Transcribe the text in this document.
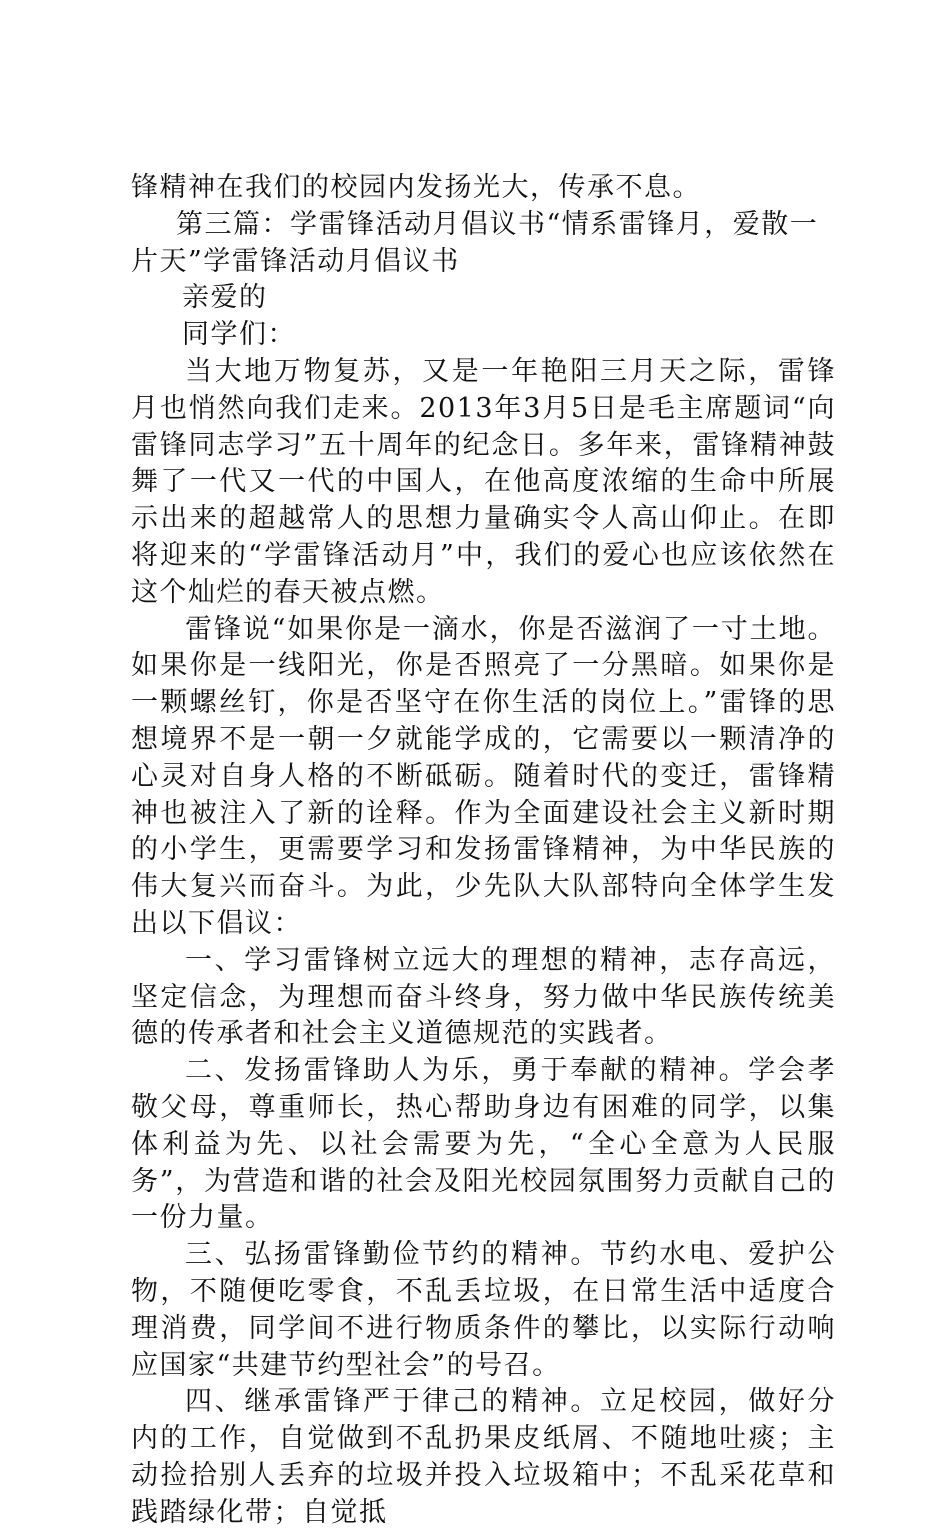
锋精神在我们的校园内发扬光大，传承不息。

第三篇：学雷锋活动月倡议书“情系雷锋月，爱散一片天”学雷锋活动月倡议书

亲爱的

同学们：

当大地万物复苏，又是一年艳阳三月天之际，雷锋月也悄然向我们走来。2013年3月5日是毛主席题词“向雷锋同志学习”五十周年的纪念日。多年来，雷锋精神鼓舞了一代又一代的中国人，在他高度浓缩的生命中所展示出来的超越常人的思想力量确实令人高山仰止。在即将迎来的“学雷锋活动月”中，我们的爱心也应该依然在这个灿烂的春天被点燃。

雷锋说“如果你是一滴水，你是否滋润了一寸土地。如果你是一线阳光，你是否照亮了一分黑暗。如果你是一颗螺丝钉，你是否坚守在你生活的岗位上。”雷锋的思想境界不是一朝一夕就能学成的，它需要以一颗清净的心灵对自身人格的不断砥砺。随着时代的变迁，雷锋精神也被注入了新的诠释。作为全面建设社会主义新时期的小学生，更需要学习和发扬雷锋精神，为中华民族的伟大复兴而奋斗。为此，少先队大队部特向全体学生发出以下倡议：

一、学习雷锋树立远大的理想的精神，志存高远，坚定信念，为理想而奋斗终身，努力做中华民族传统美德的传承者和社会主义道德规范的实践者。

二、发扬雷锋助人为乐，勇于奉献的精神。学会孝敬父母，尊重师长，热心帮助身边有困难的同学，以集体利益为先、以社会需要为先，“全心全意为人民服务”，为营造和谐的社会及阳光校园氛围努力贡献自己的一份力量。

三、弘扬雷锋勤俭节约的精神。节约水电、爱护公物，不随便吃零食，不乱丢垃圾，在日常生活中适度合理消费，同学间不进行物质条件的攀比，以实际行动响应国家“共建节约型社会”的号召。

四、继承雷锋严于律己的精神。立足校园，做好分内的工作，自觉做到不乱扔果皮纸屑、不随地吐痰；主动捡拾别人丢弃的垃圾并投入垃圾箱中；不乱采花草和践踏绿化带；自觉抵
